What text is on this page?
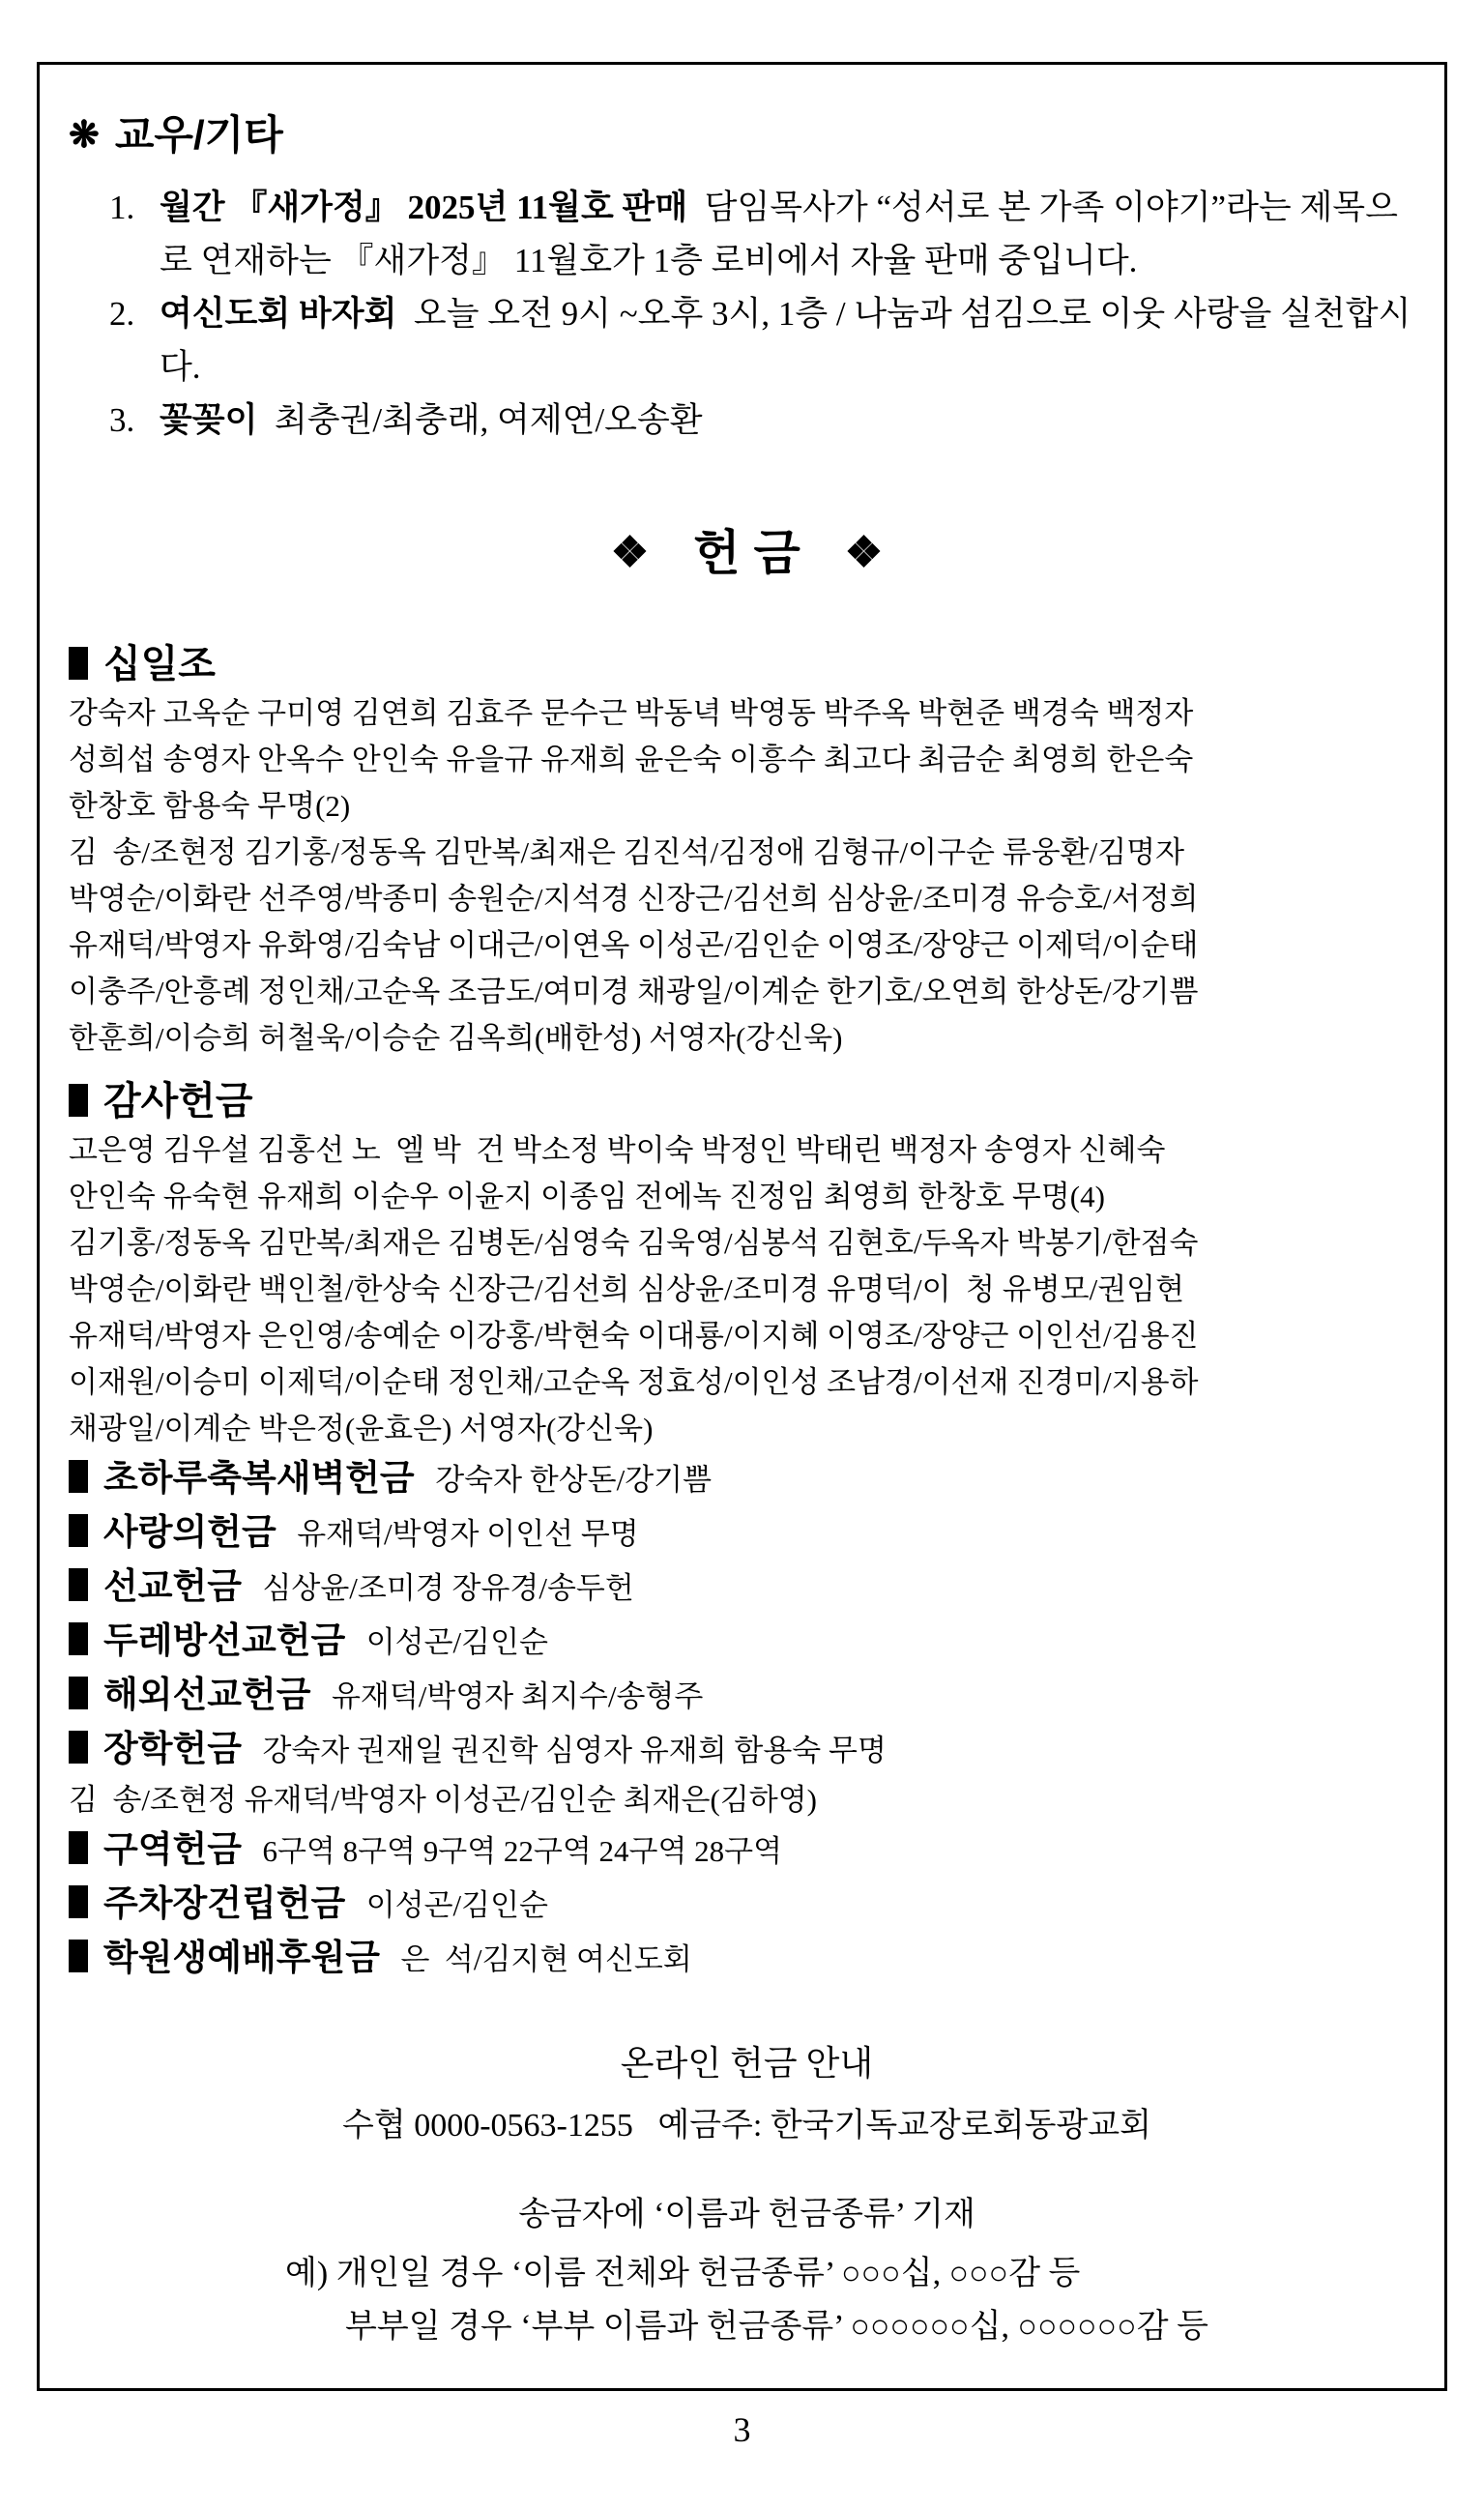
❋ 교우/기타
1. 월간 『새가정』 2025년 11월호 판매  담임목사가 “성서로 본 가족 이야기”라는 제목으로 연재하는 『새가정』 11월호가 1층 로비에서 자율 판매 중입니다.
2. 여신도회 바자회  오늘 오전 9시 ~오후 3시, 1층 / 나눔과 섬김으로 이웃 사랑을 실천합시다.
3. 꽃꽂이  최충권/최충래, 여제연/오송환
❖ 헌금 ❖
십일조
강숙자 고옥순 구미영 김연희 김효주 문수근 박동녁 박영동 박주옥 박현준 백경숙 백정자
성희섭 송영자 안옥수 안인숙 유을규 유재희 윤은숙 이흥수 최고다 최금순 최영희 한은숙
한창호 함용숙 무명(2)
김  송/조현정 김기홍/정동옥 김만복/최재은 김진석/김정애 김형규/이구순 류웅환/김명자
박영순/이화란 선주영/박종미 송원순/지석경 신장근/김선희 심상윤/조미경 유승호/서정희
유재덕/박영자 유화영/김숙남 이대근/이연옥 이성곤/김인순 이영조/장양근 이제덕/이순태
이충주/안흥례 정인채/고순옥 조금도/여미경 채광일/이계순 한기호/오연희 한상돈/강기쁨
한훈희/이승희 허철욱/이승순 김옥희(배한성) 서영자(강신욱)
감사헌금
고은영 김우설 김홍선 노  엘 박  건 박소정 박이숙 박정인 박태린 백정자 송영자 신혜숙
안인숙 유숙현 유재희 이순우 이윤지 이종임 전에녹 진정임 최영희 한창호 무명(4)
김기홍/정동옥 김만복/최재은 김병돈/심영숙 김욱영/심봉석 김현호/두옥자 박봉기/한점숙
박영순/이화란 백인철/한상숙 신장근/김선희 심상윤/조미경 유명덕/이  청 유병모/권임현
유재덕/박영자 은인영/송예순 이강홍/박현숙 이대룡/이지혜 이영조/장양근 이인선/김용진
이재원/이승미 이제덕/이순태 정인채/고순옥 정효성/이인성 조남경/이선재 진경미/지용하
채광일/이계순 박은정(윤효은) 서영자(강신욱)
초하루축복새벽헌금  강숙자 한상돈/강기쁨
사랑의헌금  유재덕/박영자 이인선 무명
선교헌금  심상윤/조미경 장유경/송두헌
두레방선교헌금  이성곤/김인순
해외선교헌금  유재덕/박영자 최지수/송형주
장학헌금  강숙자 권재일 권진학 심영자 유재희 함용숙 무명
김  송/조현정 유재덕/박영자 이성곤/김인순 최재은(김하영)
구역헌금  6구역 8구역 9구역 22구역 24구역 28구역
주차장건립헌금  이성곤/김인순
학원생예배후원금  은  석/김지현 여신도회
온라인 헌금 안내
수협 0000-0563-1255   예금주: 한국기독교장로회동광교회
송금자에 ‘이름과 헌금종류’ 기재
예) 개인일 경우 ‘이름 전체와 헌금종류’ ○○○십, ○○○감 등
부부일 경우 ‘부부 이름과 헌금종류’ ○○○○○○십, ○○○○○○감 등
3
